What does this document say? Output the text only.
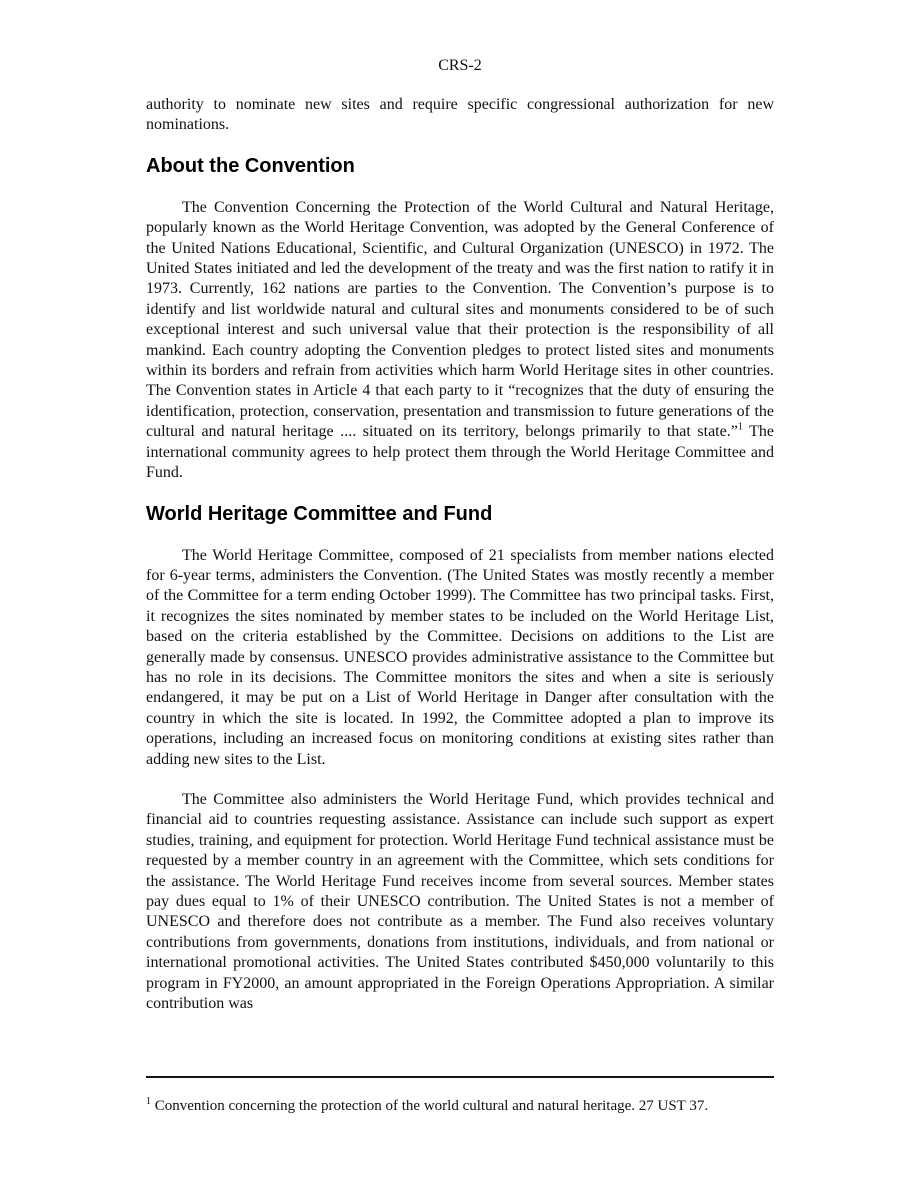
CRS-2

authority to nominate new sites and require specific congressional authorization for new nominations.

About the Convention

The Convention Concerning the Protection of the World Cultural and Natural Heritage, popularly known as the World Heritage Convention, was adopted by the General Conference of the United Nations Educational, Scientific, and Cultural Organization (UNESCO) in 1972. The United States initiated and led the development of the treaty and was the first nation to ratify it in 1973. Currently, 162 nations are parties to the Convention. The Convention’s purpose is to identify and list worldwide natural and cultural sites and monuments considered to be of such exceptional interest and such universal value that their protection is the responsibility of all mankind. Each country adopting the Convention pledges to protect listed sites and monuments within its borders and refrain from activities which harm World Heritage sites in other countries. The Convention states in Article 4 that each party to it “recognizes that the duty of ensuring the identification, protection, conservation, presentation and transmission to future generations of the cultural and natural heritage .... situated on its territory, belongs primarily to that state.”$^1$ The international community agrees to help protect them through the World Heritage Committee and Fund.

World Heritage Committee and Fund

The World Heritage Committee, composed of 21 specialists from member nations elected for 6-year terms, administers the Convention. (The United States was mostly recently a member of the Committee for a term ending October 1999). The Committee has two principal tasks. First, it recognizes the sites nominated by member states to be included on the World Heritage List, based on the criteria established by the Committee. Decisions on additions to the List are generally made by consensus. UNESCO provides administrative assistance to the Committee but has no role in its decisions. The Committee monitors the sites and when a site is seriously endangered, it may be put on a List of World Heritage in Danger after consultation with the country in which the site is located. In 1992, the Committee adopted a plan to improve its operations, including an increased focus on monitoring conditions at existing sites rather than adding new sites to the List.

The Committee also administers the World Heritage Fund, which provides technical and financial aid to countries requesting assistance. Assistance can include such support as expert studies, training, and equipment for protection. World Heritage Fund technical assistance must be requested by a member country in an agreement with the Committee, which sets conditions for the assistance. The World Heritage Fund receives income from several sources. Member states pay dues equal to 1% of their UNESCO contribution. The United States is not a member of UNESCO and therefore does not contribute as a member. The Fund also receives voluntary contributions from governments, donations from institutions, individuals, and from national or international promotional activities. The United States contributed $450,000 voluntarily to this program in FY2000, an amount appropriated in the Foreign Operations Appropriation. A similar contribution was

$^1$ Convention concerning the protection of the world cultural and natural heritage. 27 UST 37.
